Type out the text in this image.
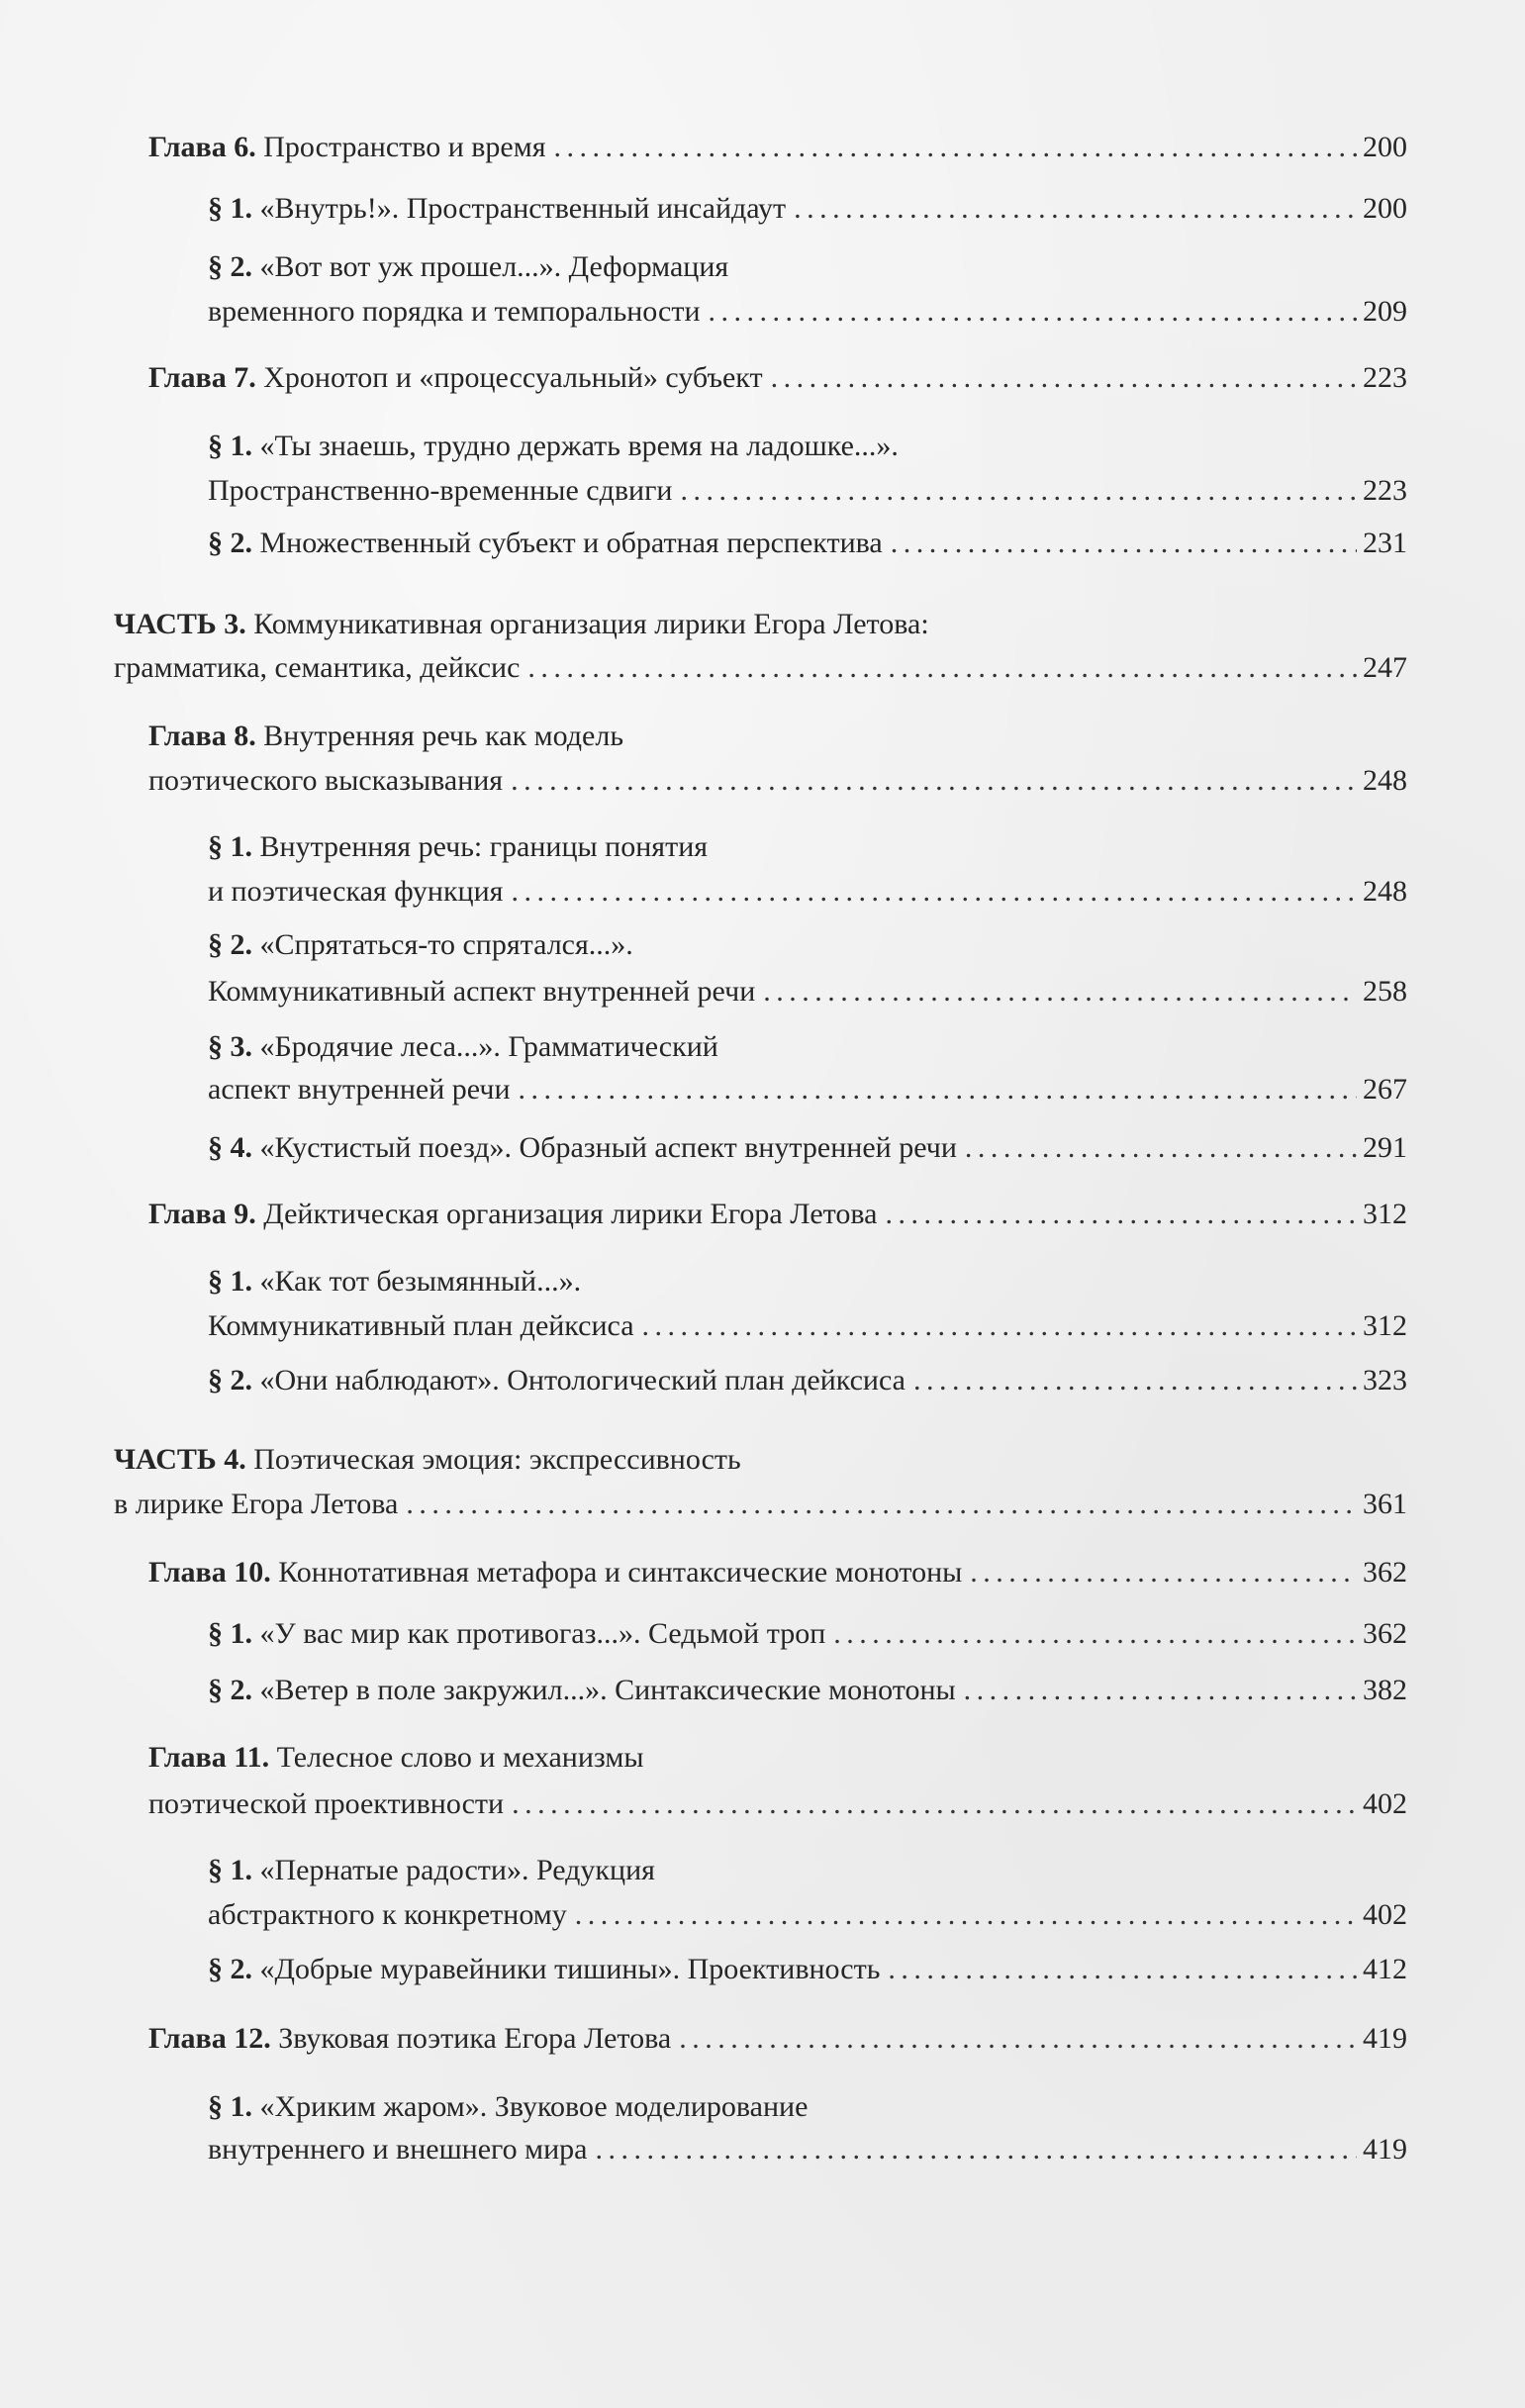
Глава 6. Пространство и время . . .	200
§ 1. «Внутрь!». Пространственный инсайдаут . . .	200
§ 2. «Вот вот уж прошел...». Деформация
временного порядка и темпоральности . . .	209
Глава 7. Хронотоп и «процессуальный» субъект . . .	223
§ 1. «Ты знаешь, трудно держать время на ладошке...».
Пространственно-временные сдвиги . . .	223
§ 2. Множественный субъект и обратная перспектива . . .	231
ЧАСТЬ 3. Коммуникативная организация лирики Егора Летова:
грамматика, семантика, дейксис . . .	247
Глава 8. Внутренняя речь как модель
поэтического высказывания . . .	248
§ 1. Внутренняя речь: границы понятия
и поэтическая функция . . .	248
§ 2. «Спрятаться-то спрятался...».
Коммуникативный аспект внутренней речи . . .	258
§ 3. «Бродячие леса...». Грамматический
аспект внутренней речи . . .	267
§ 4. «Кустистый поезд». Образный аспект внутренней речи . . .	291
Глава 9. Дейктическая организация лирики Егора Летова . . .	312
§ 1. «Как тот безымянный...».
Коммуникативный план дейксиса . . .	312
§ 2. «Они наблюдают». Онтологический план дейксиса . . .	323
ЧАСТЬ 4. Поэтическая эмоция: экспрессивность
в лирике Егора Летова . . .	361
Глава 10. Коннотативная метафора и синтаксические монотоны . . .	362
§ 1. «У вас мир как противогаз...». Седьмой троп . . .	362
§ 2. «Ветер в поле закружил...». Синтаксические монотоны . . .	382
Глава 11. Телесное слово и механизмы
поэтической проективности . . .	402
§ 1. «Пернатые радости». Редукция
абстрактного к конкретному . . .	402
§ 2. «Добрые муравейники тишины». Проективность . . .	412
Глава 12. Звуковая поэтика Егора Летова . . .	419
§ 1. «Хриким жаром». Звуковое моделирование
внутреннего и внешнего мира . . .	419
